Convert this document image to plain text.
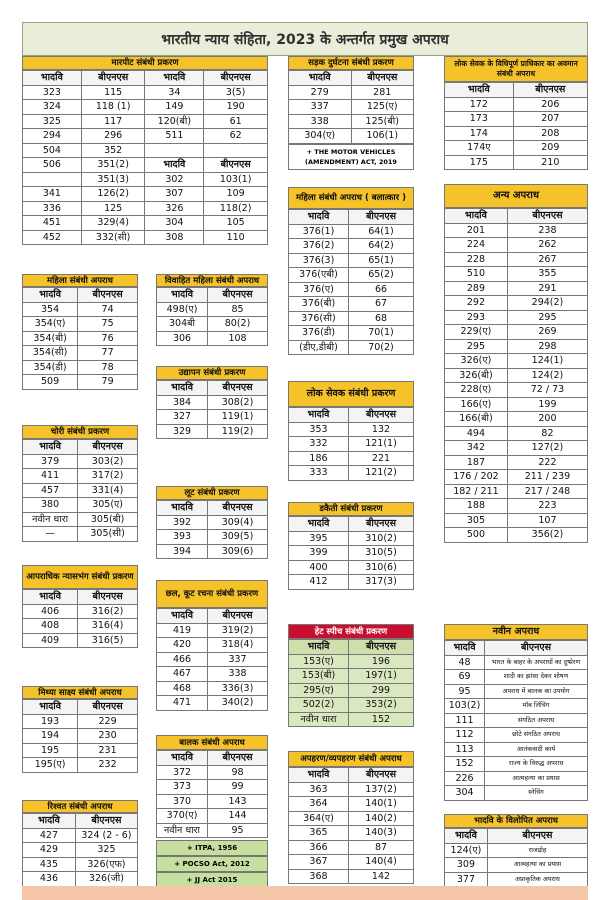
भारतीय न्याय संहिता, 2023 के अन्तर्गत प्रमुख अपराध
मारपीट संबंधी प्रकरण
भादवि	बीएनएस	भादवि	बीएनएस
323	115	34	3(5)
324	118 (1)	149	190
325	117	120(बी)	61
294	296	511	62
504	352		
506	351(2)	भादवि	बीएनएस
	351(3)	302	103(1)
341	126(2)	307	109
336	125	326	118(2)
451	329(4)	304	105
452	332(सी)	308	110
महिला संबंधी अपराध
भादवि	बीएनएस
354	74
354(ए)	75
354(बी)	76
354(सी)	77
354(डी)	78
509	79
चोरी संबंधी प्रकरण
भादवि	बीएनएस
379	303(2)
411	317(2)
457	331(4)
380	305(ए)
नवीन धारा	305(बी)
—	305(सी)
आपराधिक न्यासभंग संबंधी प्रकरण
भादवि	बीएनएस
406	316(2)
408	316(4)
409	316(5)
मिथ्या साक्ष्य संबंधी अपराध
भादवि	बीएनएस
193	229
194	230
195	231
195(ए)	232
रिश्वत संबंधी अपराध
भादवि	बीएनएस
427	324 (2 - 6)
429	325
435	326(एफ)
436	326(जी)
विवाहित महिला संबंधी अपराध
भादवि	बीएनएस
498(ए)	85
304बी	80(2)
306	108
उद्यापन संबंधी प्रकरण
भादवि	बीएनएस
384	308(2)
327	119(1)
329	119(2)
लूट संबंधी प्रकरण
भादवि	बीएनएस
392	309(4)
393	309(5)
394	309(6)
छल, कूट रचना संबंधी प्रकरण
भादवि	बीएनएस
419	319(2)
420	318(4)
466	337
467	338
468	336(3)
471	340(2)
बालक संबंधी अपराध
भादवि	बीएनएस
372	98
373	99
370	143
370(ए)	144
नवीन धारा	95
+ ITPA, 1956
+ POCSO Act, 2012
+ JJ Act 2015
सड़क दुर्घटना संबंधी प्रकरण
भादवि	बीएनएस
279	281
337	125(ए)
338	125(बी)
304(ए)	106(1)
+ THE MOTOR VEHICLES (AMENDMENT) ACT, 2019
महिला संबंधी अपराध ( बलात्कार )
भादवि	बीएनएस
376(1)	64(1)
376(2)	64(2)
376(3)	65(1)
376(एबी)	65(2)
376(ए)	66
376(बी)	67
376(सी)	68
376(डी)	70(1)
(डीए,डीबी)	70(2)
लोक सेवक संबंधी प्रकरण
भादवि	बीएनएस
353	132
332	121(1)
186	221
333	121(2)
डकैती संबंधी प्रकरण
भादवि	बीएनएस
395	310(2)
399	310(5)
400	310(6)
412	317(3)
हेट स्पीच संबंधी प्रकरण
भादवि	बीएनएस
153(ए)	196
153(बी)	197(1)
295(ए)	299
502(2)	353(2)
नवीन धारा	152
अपहरण/व्यपहरण संबंधी अपराध
भादवि	बीएनएस
363	137(2)
364	140(1)
364(ए)	140(2)
365	140(3)
366	87
367	140(4)
368	142
लोक सेवक के विधिपूर्ण प्राधिकार का अवमान संबंधी अपराध
भादवि	बीएनएस
172	206
173	207
174	208
174ए	209
175	210
अन्य अपराध
भादवि	बीएनएस
201	238
224	262
228	267
510	355
289	291
292	294(2)
293	295
229(ए)	269
295	298
326(ए)	124(1)
326(बी)	124(2)
228(ए)	72 / 73
166(ए)	199
166(बी)	200
494	82
342	127(2)
187	222
176 / 202	211 / 239
182 / 211	217 / 248
188	223
305	107
500	356(2)
नवीन अपराध
भादवि	बीएनएस
48	भारत के बाहर के अपराधों का दुष्प्रेरण
69	शादी का झांसा देकर शोषण
95	अपराध में बालक का उपयोग
103(2)	मॉब लिंचिंग
111	संगठित अपराध
112	छोटे संगठित अपराध
113	आतंकवादी कार्य
152	राज्य के विरुद्ध अपराध
226	आत्महत्या का प्रयास
304	स्नेचिंग
भादवि के विलोपित अपराध
भादवि	बीएनएस
124(ए)	राजद्रोह
309	आत्महत्या का प्रयास
377	अप्राकृतिक अपराध
